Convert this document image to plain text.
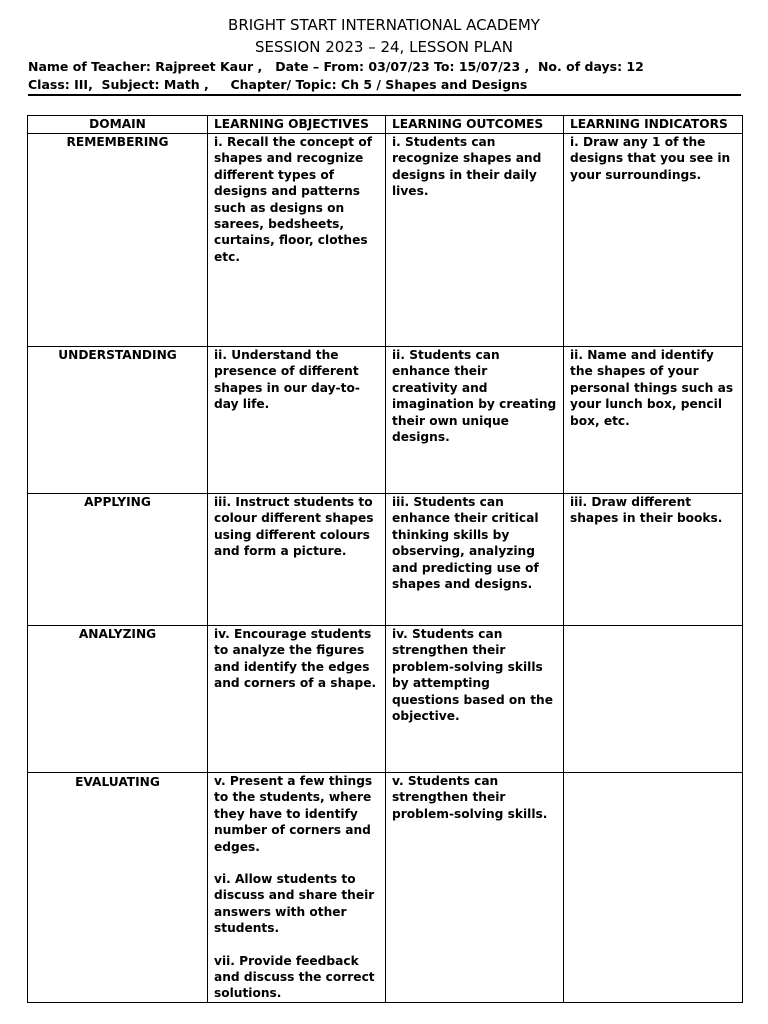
BRIGHT START INTERNATIONAL ACADEMY
SESSION 2023 – 24, LESSON PLAN
Name of Teacher: Rajpreet Kaur ,   Date – From: 03/07/23 To: 15/07/23 ,  No. of days: 12
Class: III,  Subject: Math ,     Chapter/ Topic: Ch 5 / Shapes and Designs
DOMAIN	LEARNING OBJECTIVES	LEARNING OUTCOMES	LEARNING INDICATORS
REMEMBERING	i. Recall the concept of shapes and recognize different types of designs and patterns such as designs on sarees, bedsheets, curtains, floor, clothes etc.	i. Students can recognize shapes and designs in their daily lives.	i. Draw any 1 of the designs that you see in your surroundings.
UNDERSTANDING	ii. Understand the presence of different shapes in our day-to-day life.	ii. Students can enhance their creativity and imagination by creating their own unique designs.	ii. Name and identify the shapes of your personal things such as your lunch box, pencil box, etc.
APPLYING	iii. Instruct students to colour different shapes using different colours and form a picture.	iii. Students can enhance their critical thinking skills by observing, analyzing and predicting use of shapes and designs.	iii. Draw different shapes in their books.
ANALYZING	iv. Encourage students to analyze the figures and identify the edges and corners of a shape.	iv. Students can strengthen their problem-solving skills by attempting questions based on the objective.	
EVALUATING	v. Present a few things to the students, where they have to identify number of corners and edges.
vi. Allow students to discuss and share their answers with other students.
vii. Provide feedback and discuss the correct solutions.	v. Students can strengthen their problem-solving skills.	
